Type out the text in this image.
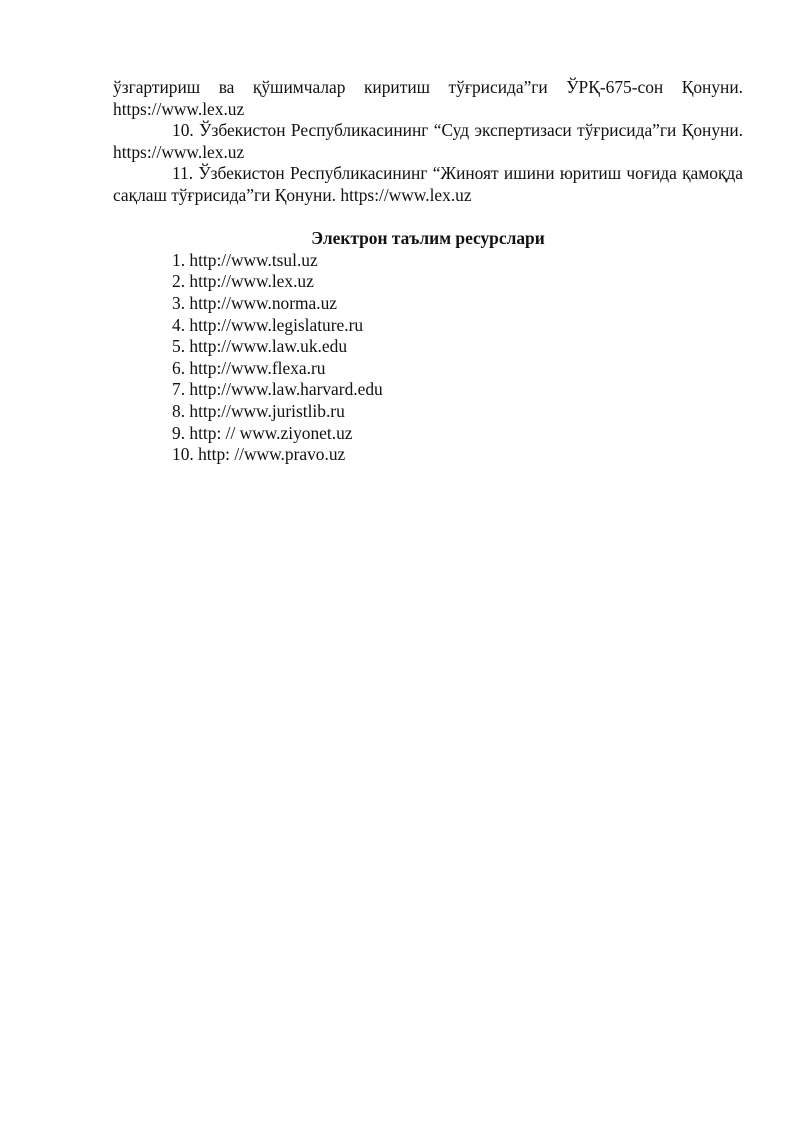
ўзгартириш ва қўшимчалар киритиш тўғрисида”ги ЎРҚ-675-сон Қонуни. https://www.lex.uz

10. Ўзбекистон Республикасининг “Суд экспертизаси тўғрисида”ги Қонуни. https://www.lex.uz

11. Ўзбекистон Республикасининг “Жиноят ишини юритиш чоғида қамоқда сақлаш тўғрисида”ги Қонуни. https://www.lex.uz

Электрон таълим ресурслари

1. http://www.tsul.uz
2. http://www.lex.uz
3. http://www.norma.uz
4. http://www.legislature.ru
5. http://www.law.uk.edu
6. http://www.flexa.ru
7. http://www.law.harvard.edu
8. http://www.juristlib.ru
9. http: // www.ziyonet.uz
10. http: //www.pravo.uz
